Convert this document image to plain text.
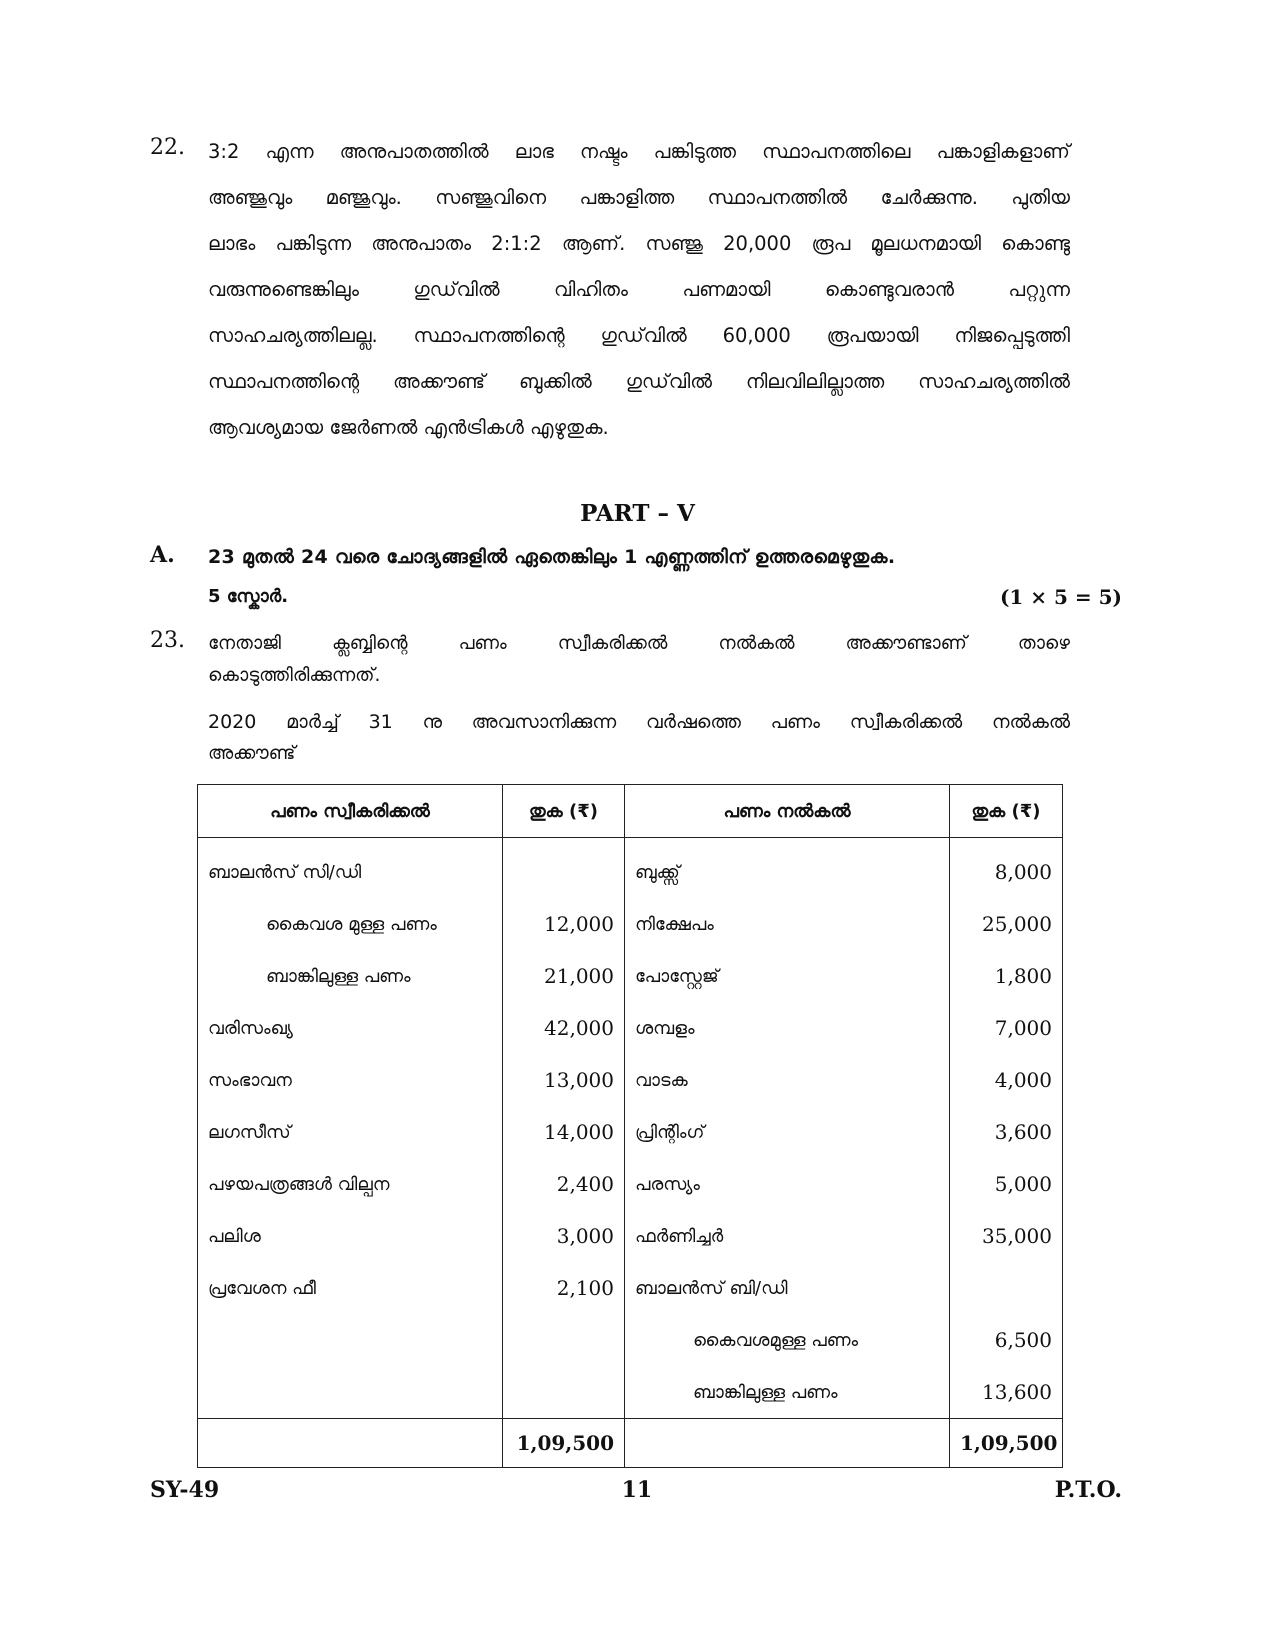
22. 3:2 എന്ന അനുപാതത്തിൽ ലാഭ നഷ്ടം പങ്കിടുത്ത സ്ഥാപനത്തിലെ പങ്കാളികളാണ്
അഞ്ജുവും മഞ്ജുവും. സഞ്ജുവിനെ പങ്കാളിത്ത സ്ഥാപനത്തിൽ ചേർക്കുന്നു. പുതിയ
ലാഭം പങ്കിടുന്ന അനുപാതം 2:1:2 ആണ്. സഞ്ജു 20,000 രൂപ മൂലധനമായി കൊണ്ടു
വരുന്നുണ്ടെങ്കിലും	ഗുഡ്‌വിൽ	വിഹിതം	പണമായി	കൊണ്ടുവരാൻ	പറ്റുന്ന
സാഹചര്യത്തിലല്ല. സ്ഥാപനത്തിന്റെ ഗുഡ്‌വിൽ 60,000 രൂപയായി നിജപ്പെടുത്തി
സ്ഥാപനത്തിന്റെ അക്കൗണ്ട് ബുക്കിൽ ഗുഡ്‌വിൽ നിലവിലില്ലാത്ത സാഹചര്യത്തിൽ
ആവശ്യമായ ജേർണൽ എൻട്രികൾ എഴുതുക.
PART – V
A. 23 മുതൽ 24 വരെ ചോദ്യങ്ങളിൽ ഏതെങ്കിലും 1 എണ്ണത്തിന് ഉത്തരമെഴുതുക.
5 സ്കോർ.	(1 × 5 = 5)
23. നേതാജി ക്ലബ്ബിന്റെ പണം സ്വീകരിക്കൽ നൽകൽ അക്കൗണ്ടാണ് താഴെ
കൊടുത്തിരിക്കുന്നത്.
2020 മാർച്ച് 31 നു അവസാനിക്കുന്ന വർഷത്തെ പണം സ്വീകരിക്കൽ നൽകൽ
അക്കൗണ്ട്
പണം സ്വീകരിക്കൽ	തുക (₹)	പണം നൽകൽ	തുക (₹)
ബാലൻസ് സി/ഡി		ബുക്ക്സ്	8,000
കൈവശ മുള്ള പണം	12,000	നിക്ഷേപം	25,000
ബാങ്കിലുള്ള പണം	21,000	പോസ്റ്റേജ്	1,800
വരിസംഖ്യ	42,000	ശമ്പളം	7,000
സംഭാവന	13,000	വാടക	4,000
ലഗസീസ്	14,000	പ്രിന്റിംഗ്	3,600
പഴയപത്രങ്ങൾ വില്പന	2,400	പരസ്യം	5,000
പലിശ	3,000	ഫർണിച്ചർ	35,000
പ്രവേശന ഫീ	2,100	ബാലൻസ് ബി/ഡി	
		കൈവശമുള്ള പണം	6,500
		ബാങ്കിലുള്ള പണം	13,600
	1,09,500		1,09,500
SY-49	11	P.T.O.
